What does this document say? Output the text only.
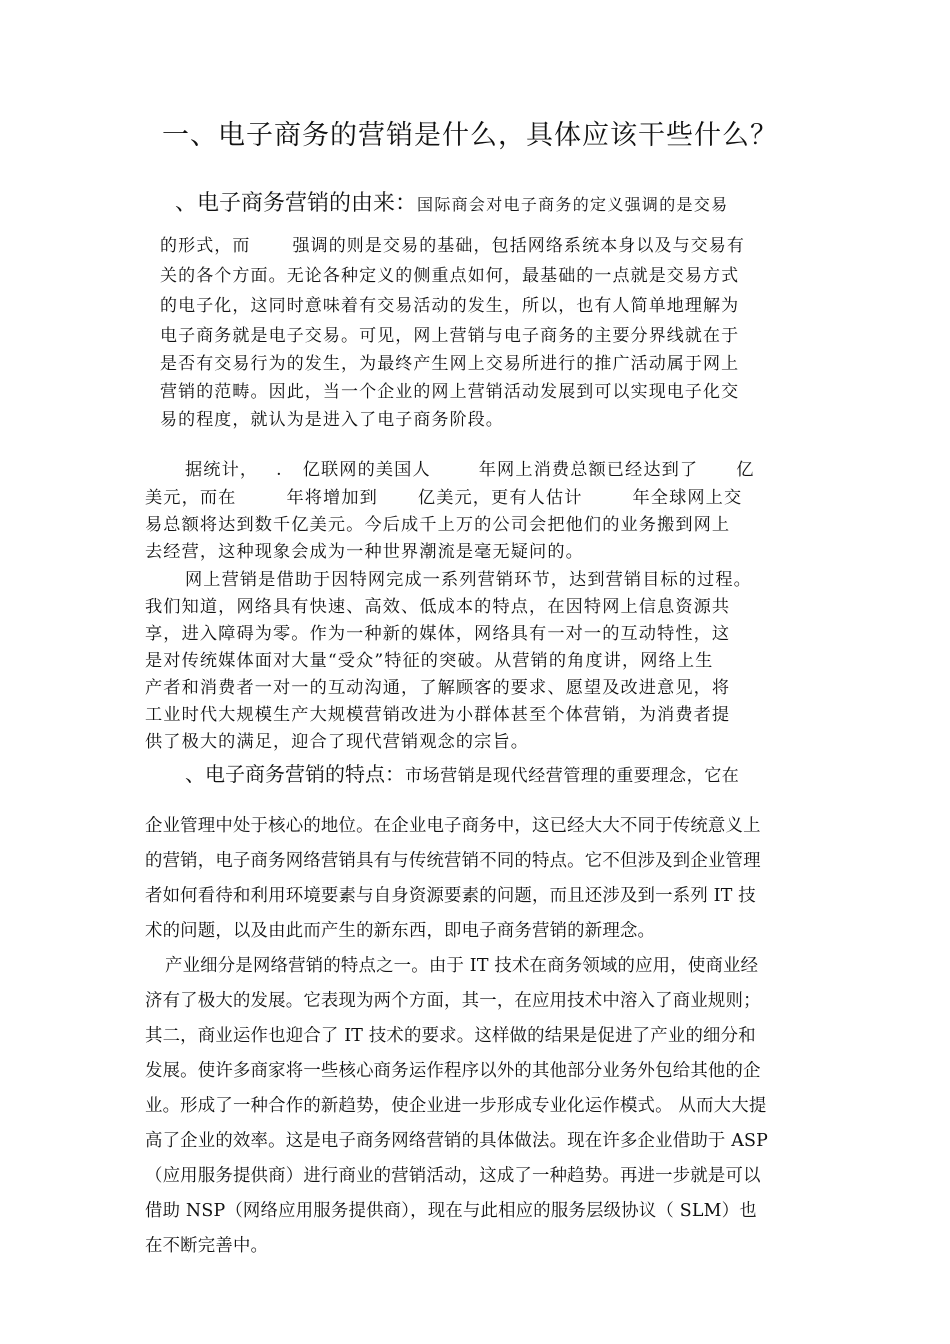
一、电子商务的营销是什么，具体应该干些什么？

、电子商务营销的由来：国际商会对电子商务的定义强调的是交易

的形式，而 强调的则是交易的基础，包括网络系统本身以及与交易有

关的各个方面。无论各种定义的侧重点如何，最基础的一点就是交易方式

的电子化，这同时意味着有交易活动的发生，所以，也有人简单地理解为

电子商务就是电子交易。可见，网上营销与电子商务的主要分界线就在于

是否有交易行为的发生，为最终产生网上交易所进行的推广活动属于网上

营销的范畴。因此，当一个企业的网上营销活动发展到可以实现电子化交

易的程度，就认为是进入了电子商务阶段。

据统计， . 亿联网的美国人	年网上消费总额已经达到了 亿

美元，而在	年将增加到 亿美元，更有人估计	年全球网上交

易总额将达到数千亿美元。今后成千上万的公司会把他们的业务搬到网上

去经营，这种现象会成为一种世界潮流是毫无疑问的。

网上营销是借助于因特网完成一系列营销环节，达到营销目标的过程。

我们知道，网络具有快速、高效、低成本的特点，在因特网上信息资源共

享，进入障碍为零。作为一种新的媒体，网络具有一对一的互动特性，这

是对传统媒体面对大量“受众”特征的突破。从营销的角度讲，网络上生

产者和消费者一对一的互动沟通，了解顾客的要求、愿望及改进意见，将

工业时代大规模生产大规模营销改进为小群体甚至个体营销，为消费者提

供了极大的满足，迎合了现代营销观念的宗旨。

、电子商务营销的特点：市场营销是现代经营管理的重要理念，它在

企业管理中处于核心的地位。在企业电子商务中，这已经大大不同于传统意义上

的营销，电子商务网络营销具有与传统营销不同的特点。它不但涉及到企业管理

者如何看待和利用环境要素与自身资源要素的问题，而且还涉及到一系列 IT 技

术的问题，以及由此而产生的新东西，即电子商务营销的新理念。

产业细分是网络营销的特点之一。由于 IT 技术在商务领域的应用，使商业经

济有了极大的发展。它表现为两个方面，其一，在应用技术中溶入了商业规则；

其二，商业运作也迎合了 IT 技术的要求。这样做的结果是促进了产业的细分和

发展。使许多商家将一些核心商务运作程序以外的其他部分业务外包给其他的企

业。形成了一种合作的新趋势，使企业进一步形成专业化运作模式。 从而大大提

高了企业的效率。这是电子商务网络营销的具体做法。现在许多企业借助于 ASP

（应用服务提供商）进行商业的营销活动，这成了一种趋势。再进一步就是可以

借助 NSP（网络应用服务提供商），现在与此相应的服务层级协议（ SLM）也

在不断完善中。
